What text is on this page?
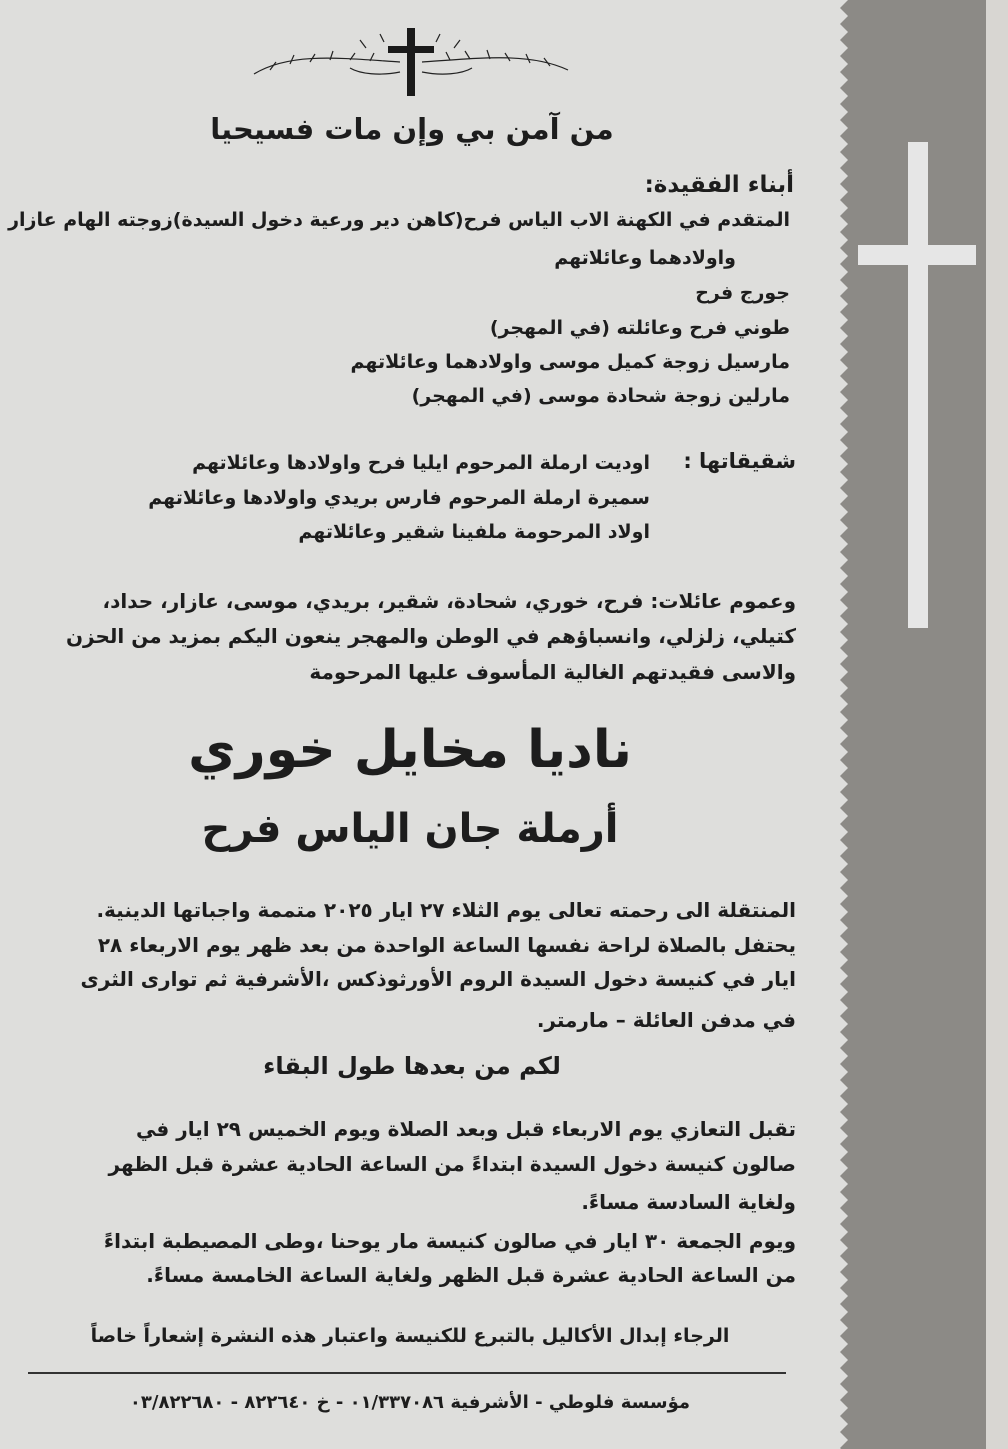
من آمن بي وإن مات فسيحيا
أبناء الفقيدة:
المتقدم في الكهنة الاب الياس فرح(كاهن دير ورعية دخول السيدة)زوجته الهام عازار
واولادهما وعائلاتهم
جورج فرح
طوني فرح وعائلته (في المهجر)
مارسيل زوجة كميل موسى واولادهما وعائلاتهم
مارلين زوجة شحادة موسى (في المهجر)
شقيقاتها :
اوديت ارملة المرحوم ايليا فرح واولادها وعائلاتهم
سميرة ارملة المرحوم فارس بريدي واولادها وعائلاتهم
اولاد المرحومة ملفينا شقير وعائلاتهم
وعموم عائلات: فرح، خوري، شحادة، شقير، بريدي، موسى، عازار، حداد،
كتيلي، زلزلي، وانسباؤهم في الوطن والمهجر ينعون اليكم بمزيد من الحزن
والاسى فقيدتهم الغالية المأسوف عليها المرحومة
ناديا مخايل خوري
أرملة جان الياس فرح
المنتقلة الى رحمته تعالى يوم الثلاء ٢٧ ايار ٢٠٢٥ متممة واجباتها الدينية.
يحتفل بالصلاة لراحة نفسها الساعة الواحدة من بعد ظهر يوم الاربعاء ٢٨
ايار في كنيسة دخول السيدة الروم الأورثوذكس ،الأشرفية ثم توارى الثرى
في مدفن العائلة – مارمتر.
لكم من بعدها طول البقاء
تقبل التعازي يوم الاربعاء قبل وبعد الصلاة ويوم الخميس ٢٩ ايار في
صالون كنيسة دخول السيدة ابتداءً من الساعة الحادية عشرة قبل الظهر
ولغاية السادسة مساءً.
ويوم الجمعة ٣٠ ايار في صالون كنيسة مار يوحنا ،وطى المصيطبة ابتداءً
من الساعة الحادية عشرة قبل الظهر ولغاية الساعة الخامسة مساءً.
الرجاء إبدال الأكاليل بالتبرع للكنيسة واعتبار هذه النشرة إشعاراً خاصاً
مؤسسة فلوطي - الأشرفية ٠١/٣٣٧٠٨٦ - خ ٨٢٢٦٤٠ - ٠٣/٨٢٢٦٨٠
